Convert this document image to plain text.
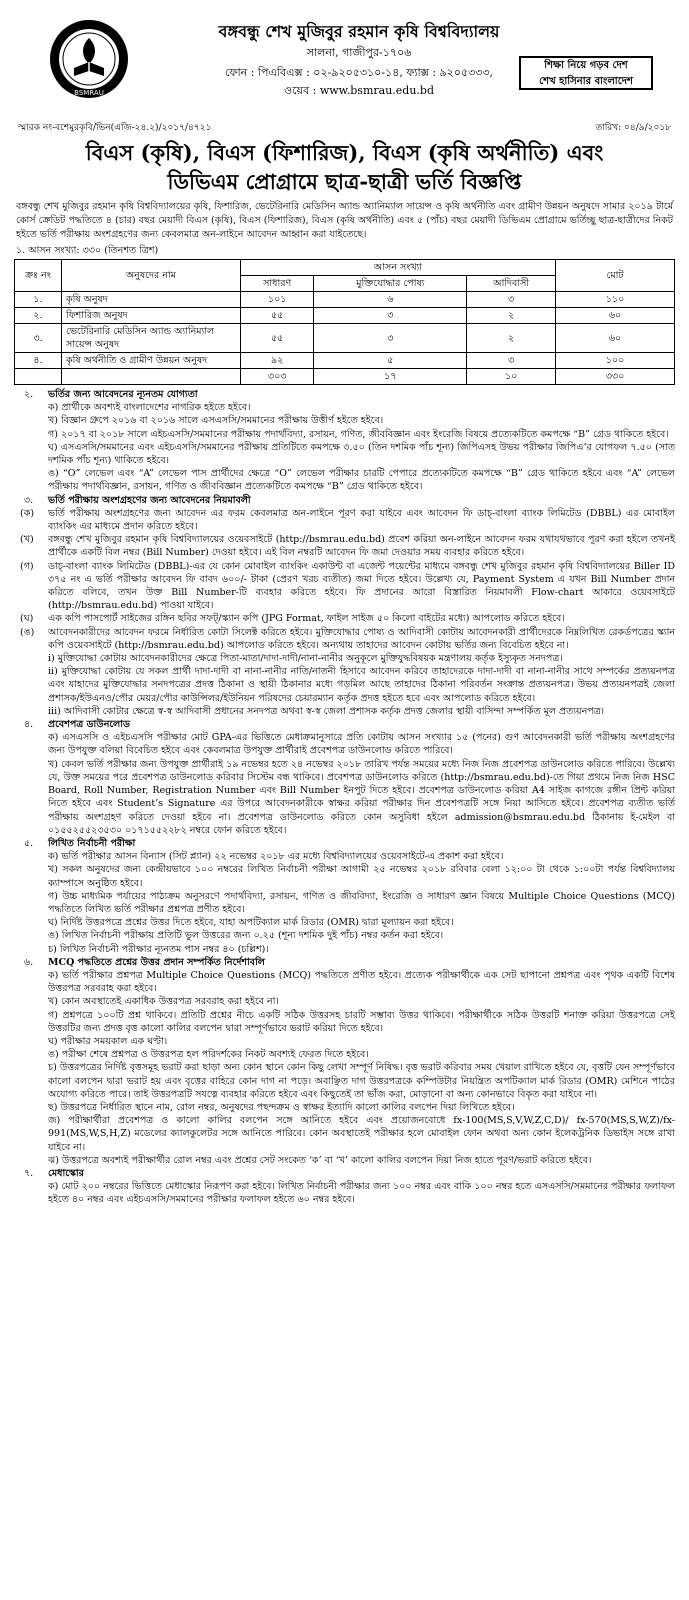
BSMRAU
বঙ্গবন্ধু শেখ মুজিবুর রহমান কৃষি বিশ্ববিদ্যালয়
সালনা, গাজীপুর-১৭০৬
ফোন : পিএবিএক্স : ০২-৯২০৫৩১০-১৪, ফ্যাক্স : ৯২০৫৩৩৩,
ওয়েব : www.bsmrau.edu.bd
শিক্ষা নিয়ে গড়ব দেশ
শেখ হাসিনার বাংলাদেশ
স্মারক নং-বশেমুরকৃবি/ভিন(এজি-২৪.২)/২০১৭/৪৭২১	তারিখ: ০৪/৯/২০১৮
বিএস (কৃষি), বিএস (ফিশারিজ), বিএস (কৃষি অর্থনীতি) এবং
ডিভিএম প্রোগ্রামে ছাত্র-ছাত্রী ভর্তি বিজ্ঞপ্তি
বঙ্গবন্ধু শেখ মুজিবুর রহমান কৃষি বিশ্ববিদ্যালয়ের কৃষি, ফিশারিজ, ভেটেরিনারি মেডিসিন অ্যান্ড অ্যানিম্যাল সায়েন্স ও কৃষি অর্থনীতি এবং গ্রামীণ উন্নয়ন অনুষদে সামার ২০১৯ টার্মে কোর্স ক্রেডিট পদ্ধতিতে ৪ (চার) বছর মেয়াদী বিএস (কৃষি), বিএস (ফিশারিজ), বিএস (কৃষি অর্থনীতি) এবং ৫ (পাঁচ) বছর মেয়াদী ডিভিএম প্রোগ্রামে ভর্তিচ্ছু ছাত্র-ছাত্রীদের নিকট হইতে ভর্তি পরীক্ষায় অংশগ্রহণের জন্য কেবলমাত্র অন-লাইনে আবেদন আহ্বান করা যাইতেছে।
১. আসন সংখ্যা: ৩৩০ (তিনশত ত্রিশ)
ক্রঃ নং	অনুষদের নাম	আসন সংখ্যা			মোট
		সাধারণ	মুক্তিযোদ্ধার পোষ্য	আদিবাসী	
১.	কৃষি অনুষদ	১০১	৬	৩	১১০
২.	ফিশারিজ অনুষদ	৫৫	৩	২	৬০
৩.	ভেটেরিনারি মেডিসিন অ্যান্ড অ্যানিম্যাল সায়েন্স অনুষদ	৫৫	৩	২	৬০
৪.	কৃষি অর্থনীতি ও গ্রামীণ উন্নয়ন অনুষদ	৯২	৫	৩	১০০
		৩০৩	১৭	১০	৩৩০
২.	ভর্তির জন্য আবেদনের ন্যূনতম যোগ্যতা
ক) প্রার্থীকে অবশ্যই বাংলাদেশের নাগরিক হইতে হইবে।
খ) বিজ্ঞান গ্রুপে ২০১৬ বা ২০১৬ সালে এসএসসি/সমমানের পরীক্ষায় উত্তীর্ণ হইতে হইবে।
গ) ২০১৭ বা ২০১৮ সালে এইচএসসি/সমমানের পরীক্ষায় পদার্থবিদ্যা, রসায়ন, গণিত, জীববিজ্ঞান এবং ইংরেজি বিষয়ে প্রত্যেকটিতে কমপক্ষে “B” গ্রেড থাকিতে হইবে।
ঘ) এসএসসি/সমমানের এবং এইচএসসি/সমমানের পরীক্ষায় প্রতিটিতে কমপক্ষে ৩.৫০ (তিন দশমিক পাঁচ শূন্য) জিপিএসহ উভয় পরীক্ষার জিপিএ’র যোগফল ৭.৫০ (সাত দশমিক পাঁচ শূন্য) থাকিতে হইবে।
ঙ) “O” লেভেল এবং “A” লেভেল পাস প্রার্থীদের ক্ষেত্রে “O” লেভেল পরীক্ষার চারটি পেপারে প্রত্যেকটিতে কমপক্ষে “B” গ্রেড থাকিতে হইবে এবং “A” লেভেল পরীক্ষায় পদার্থবিজ্ঞান, রসায়ন, গণিত ও জীববিজ্ঞান প্রত্যেকটিতে কমপক্ষে “B” গ্রেড থাকিতে হইবে।
৩.	ভর্তি পরীক্ষায় অংশগ্রহণের জন্য আবেদনের নিয়মাবলী
(ক)	ভর্তি পরীক্ষায় অংশগ্রহণের জন্য আবেদন এর ফরম কেবলমাত্র অন-লাইনে পূরণ করা যাইবে এবং আবেদন ফি ডাচ্-বাংলা ব্যাংক লিমিটেড (DBBL) এর মোবাইল ব্যাংকিং এর মাধ্যমে প্রদান করিতে হইবে।
(খ)	বঙ্গবন্ধু শেখ মুজিবুর রহমান কৃষি বিশ্ববিদ্যালয়ের ওয়েবসাইটে (http://bsmrau.edu.bd) প্রবেশ করিয়া অন-লাইনে আবেদন ফরম যথাযথভাবে পূরণ করা হইলে তখনই প্রার্থীকে একটি বিল নম্বর (Bill Number) দেওয়া হইবে। এই বিল নম্বরটি আবেদন ফি জমা দেওয়ার সময় ব্যবহার করিতে হইবে।
(গ)	ডাচ্-বাংলা ব্যাংক লিমিটেড (DBBL)-এর যে কোন মোবাইল ব্যাংকিং একাউন্ট বা এজেন্ট পয়েন্টের মাধ্যমে বঙ্গবন্ধু শেখ মুজিবুর রহমান কৃষি বিশ্ববিদ্যালয়ের Biller ID ৩৭৫ নং এ ভর্তি পরীক্ষার আবেদন ফি বাবদ ৬০০/- টাকা (প্রেরণ খরচ ব্যতীত) জমা দিতে হইবে। উল্লেখ্য যে, Payment System এ যখন Bill Number প্রদান করিতে বলিবে, তখন উক্ত Bill Number-টি ব্যবহার করিতে হইবে। ফি প্রদানের আরো বিস্তারিত নিয়মাবলী Flow-chart আকারে ওয়েবসাইটে (http://bsmrau.edu.bd) পাওয়া যাইবে।
(ঘ)	এক কপি পাসপোর্ট সাইজের রঙ্গিন ছবির সফট্/স্ক্যান কপি (JPG Format, ফাইল সাইজ ৫০ কিলো বাইটের মধ্যে) আপলোড করিতে হইবে।
(ঙ)	আবেদনকারীদের আবেদন ফরমে নির্ধারিত কোটা সিলেক্ট করিতে হইবে। মুক্তিযোদ্ধার পোষ্য ও আদিবাসী কোটায় আবেদনকারী প্রার্থীদেরকে নিম্নলিখিত রেকর্ডপত্রের স্ক্যান কপি ওয়েবসাইটে (http://bsmrau.edu.bd) আপলোড করিতে হইবে। অন্যথায় তাহাদের আবেদন কোটায় ভর্তির জন্য বিবেচিত হইবে না।
i) মুক্তিযোদ্ধা কোটায় আবেদনকারীদের ক্ষেত্রে পিতা-মাতা/দাদা-দাদী/নানা-নানীর অনুকূলে মুক্তিযুদ্ধবিষয়ক মন্ত্রণালয় কর্তৃক ইস্যুকৃত সনদপত্র।
ii) মুক্তিযোদ্ধা কোটায় যে সকল প্রার্থী দাদা-দাদী বা নানা-নানীর নাতি/নাতনী হিসাবে আবেদন করিবে তাহাদেরকে দাদা-দাদী বা নানা-নানীর সাথে সম্পর্কের প্রত্যয়নপত্র এবং যাহাদের মুক্তিযোদ্ধার সনদপত্রের প্রদত্ত ঠিকানা ও স্থায়ী ঠিকানার মধ্যে গড়মিল আছে তাহাদের ঠিকানা পরিবর্তন সংক্রান্ত প্রত্যয়নপত্র। উভয় প্রত্যয়নপত্রই জেলা প্রশাসক/ইউএনও/পৌর মেয়র/পৌর কাউন্সিলর/ইউনিয়ন পরিষদের চেয়ারম্যান কর্তৃক প্রদত্ত হইতে হবে এবং আপলোড করিতে হইবে।
iii) আদিবাসী কোটার ক্ষেত্রে স্ব-স্ব আদিবাসী প্রধানের সনদপত্র অথবা স্ব-স্ব জেলা প্রশাসক কর্তৃক প্রদত্ত জেলার স্থায়ী বাসিন্দা সম্পর্কিত মূল প্রত্যয়নপত্র।
৪.	প্রবেশপত্র ডাউনলোড
ক) এসএসসি ও এইচএসসি পরীক্ষার মোট GPA-এর ভিত্তিতে মেধাক্রমানুসারে প্রতি কোটায় আসন সংখ্যার ১৫ (পনের) গুণ আবেদনকারী ভর্তি পরীক্ষায় অংশগ্রহণের জন্য উপযুক্ত বলিয়া বিবেচিত হইবে এবং কেবলমাত্র উপযুক্ত প্রার্থীরাই প্রবেশপত্র ডাউনলোড করিতে পারিবে।
খ) কেবল ভর্তি পরীক্ষার জন্য উপযুক্ত প্রার্থীরাই ১৯ নভেম্বর হতে ২৪ নভেম্বর ২০১৮ তারিখ পর্যন্ত সময়ের মধ্যে নিজ নিজ প্রবেশপত্র ডাউনলোড করিতে পারিবে। উল্লেখ্য যে, উক্ত সময়ের পরে প্রবেশপত্র ডাউনলোড করিবার সিস্টেম বন্ধ থাকিবে। প্রবেশপত্র ডাউনলোড করিতে (http://bsmrau.edu.bd)-তে গিয়া প্রথমে নিজ নিজ HSC Board, Roll Number, Registration Number এবং Bill Number ইনপুট দিতে হইবে। প্রবেশপত্র ডাউনলোড করিয়া A4 সাইজ কাগজে রঙ্গীন প্রিন্ট করিয়া নিতে হইবে এবং Student’s Signature এর উপরে আবেদনকারীকে স্বাক্ষর করিয়া পরীক্ষার দিন প্রবেশপত্রটি সঙ্গে নিয়া আসিতে হইবে। প্রবেশপত্র ব্যতীত ভর্তি পরীক্ষায় অংশগ্রহণ করিতে দেওয়া হইবে না। প্রবেশপত্র ডাউনলোড করিতে কোন অসুবিধা হইলে admission@bsmrau.edu.bd ঠিকানায় ই-মেইল বা ০১৫৫২৫৫২৩৫৩০ ০১৭১৫৫২২৮২ নম্বরে ফোন করিতে হইবে।
৫.	লিখিত নির্বাচনী পরীক্ষা
ক) ভর্তি পরীক্ষার আসন বিন্যাস (সিট প্ল্যান) ২২ নভেম্বর ২০১৮ এর মধ্যে বিশ্ববিদ্যালয়ের ওয়েবসাইটে-এ প্রকাশ করা হইবে।
খ) সকল অনুষদের জন্য কেন্দ্রীয়ভাবে ১০০ নম্বরের লিখিত নির্বাচনী পরীক্ষা আগামী ২৫ নভেম্বর ২০১৮ রবিবার বেলা ১২:০০ টা থেকে ১:০০টা পর্যন্ত বিশ্ববিদ্যালয় ক্যাম্পাসে অনুষ্ঠিত হইবে।
গ) উচ্চ মাধ্যমিক পর্যায়ের পাঠ্যক্রম অনুসরণে পদার্থবিদ্যা, রসায়ন, গণিত ও জীববিদ্যা, ইংরেজি ও সাধারণ জ্ঞান বিষয়ে Multiple Choice Questions (MCQ) পদ্ধতিতে লিখিত ভর্তি পরীক্ষার প্রশ্নপত্র প্রণীত হইবে।
ঘ) নির্দিষ্ট উত্তরপত্রে প্রশ্নের উত্তর দিতে হইবে, যাহা অপটিক্যাল মার্ক রিডার (OMR) দ্বারা মূল্যায়ন করা হইবে।
ঙ) লিখিত নির্বাচনী পরীক্ষায় প্রতিটি ভুল উত্তরের জন্য ০.২৫ (শূন্য দশমিক দুই পাঁচ) নম্বর কর্তন করা হইবে।
চ) লিখিত নির্বাচনী পরীক্ষার ন্যূনতম পাস নম্বর ৪০ (চল্লিশ)।
৬.	MCQ পদ্ধতিতে প্রশ্নের উত্তর প্রদান সম্পর্কিত নির্দেশাবলি
ক) ভর্তি পরীক্ষার প্রশ্নপত্র Multiple Choice Questions (MCQ) পদ্ধতিতে প্রণীত হইবে। প্রত্যেক পরীক্ষার্থীকে এক সেট ছাপানো প্রশ্নপত্র এবং পৃথক একটি বিশেষ উত্তরপত্র সরবরাহ করা হইবে।
খ) কোন অবস্থাতেই একাধিক উত্তরপত্র সরবরাহ করা হইবে না।
গ) প্রশ্নপত্রে ১০০টি প্রশ্ন থাকিবে। প্রতিটি প্রশ্নের নীচে একটি সঠিক উত্তরসহ চারটি সম্ভাব্য উত্তর থাকিবে। পরীক্ষার্থীকে সঠিক উত্তরটি শনাক্ত করিয়া উত্তরপত্রে সেই উত্তরটির জন্য প্রদত্ত বৃত্ত কালো কালির বলপেন দ্বারা সম্পূর্ণভাবে ভরাট করিয়া দিতে হইবে।
ঘ) পরীক্ষার সময়কাল এক ঘণ্টা।
ঙ) পরীক্ষা শেষে প্রশ্নপত্র ও উত্তরপত্র হল পরিদর্শকের নিকট অবশ্যই ফেরত দিতে হইবে।
চ) উত্তরপত্রের নির্দিষ্ট বৃত্তসমূহ ভরাট করা ছাড়া অন্য কোন স্থানে কোন কিছু লেখা সম্পূর্ণ নিষিদ্ধ। বৃত্ত ভরাট করিবার সময় খেয়াল রাখিতে হইবে যে, বৃত্তটি যেন সম্পূর্ণভাবে কালো বলপেন দ্বারা ভরাট হয় এবং বৃত্তের বাহিরে কোন দাগ না পড়ে। অবাঞ্ছিত দাগ উত্তরপত্রকে কম্পিউটার নিয়ন্ত্রিত অপটিক্যাল মার্ক রিডার (OMR) মেশিনে পাঠের অযোগ্য করিতে পারে। তাই উত্তরপত্রটি সযত্নে ব্যবহার করিতে হইবে এবং কিছুতেই তা ভাঁজ করা, মোড়ানো বা অন্য কোনভাবে বিকৃত করা যাইবে না।
ছ) উত্তরপত্রে নির্ধারিত স্থানে নাম, রোল নম্বর, অনুষদের পছন্দক্রম ও স্বাক্ষর ইত্যাদি কালো কালির বলপেন দিয়া লিখিতে হইবে।
জ) পরীক্ষার্থীরা প্রবেশপত্র ও কালো কালির বলপেন সঙ্গে আনিতে হইবে এবং প্রয়োজনবোধে fx-100(MS,S,V,W,Z,C,D)/ fx-570(MS,S,W,Z)/fx-991(MS,W,S,H,Z) মডেলের ক্যালকুলেটর সঙ্গে আনিতে পারিবে। কোন অবস্থাতেই পরীক্ষার হলে মোবাইল ফোন অথবা অন্য কোন ইলেকট্রনিক ডিভাইস সঙ্গে রাখা যাইবে না।
ঝ) উত্তরপত্রে অবশ্যই পরীক্ষার্থীর রোল নম্বর এবং প্রশ্নের সেট সংকেত ‘ক’ বা ‘খ’ কালো কালির বলপেন দিয়া নিজ হাতে পূরণ/ভরাট করিতে হইবে।
৭.	মেধাস্কোর
ক) মোট ২০০ নম্বরের ভিত্তিতে মেধাস্কোর নিরূপণ করা হইবে। লিখিত নির্বাচনী পরীক্ষার জন্য ১০০ নম্বর এবং বাকি ১০০ নম্বর হতে এসএসসি/সমমানের পরীক্ষার ফলাফল হইতে ৪০ নম্বর এবং এইচএসসি/সমমানের পরীক্ষার ফলাফল হইতে ৬০ নম্বর হইবে।
